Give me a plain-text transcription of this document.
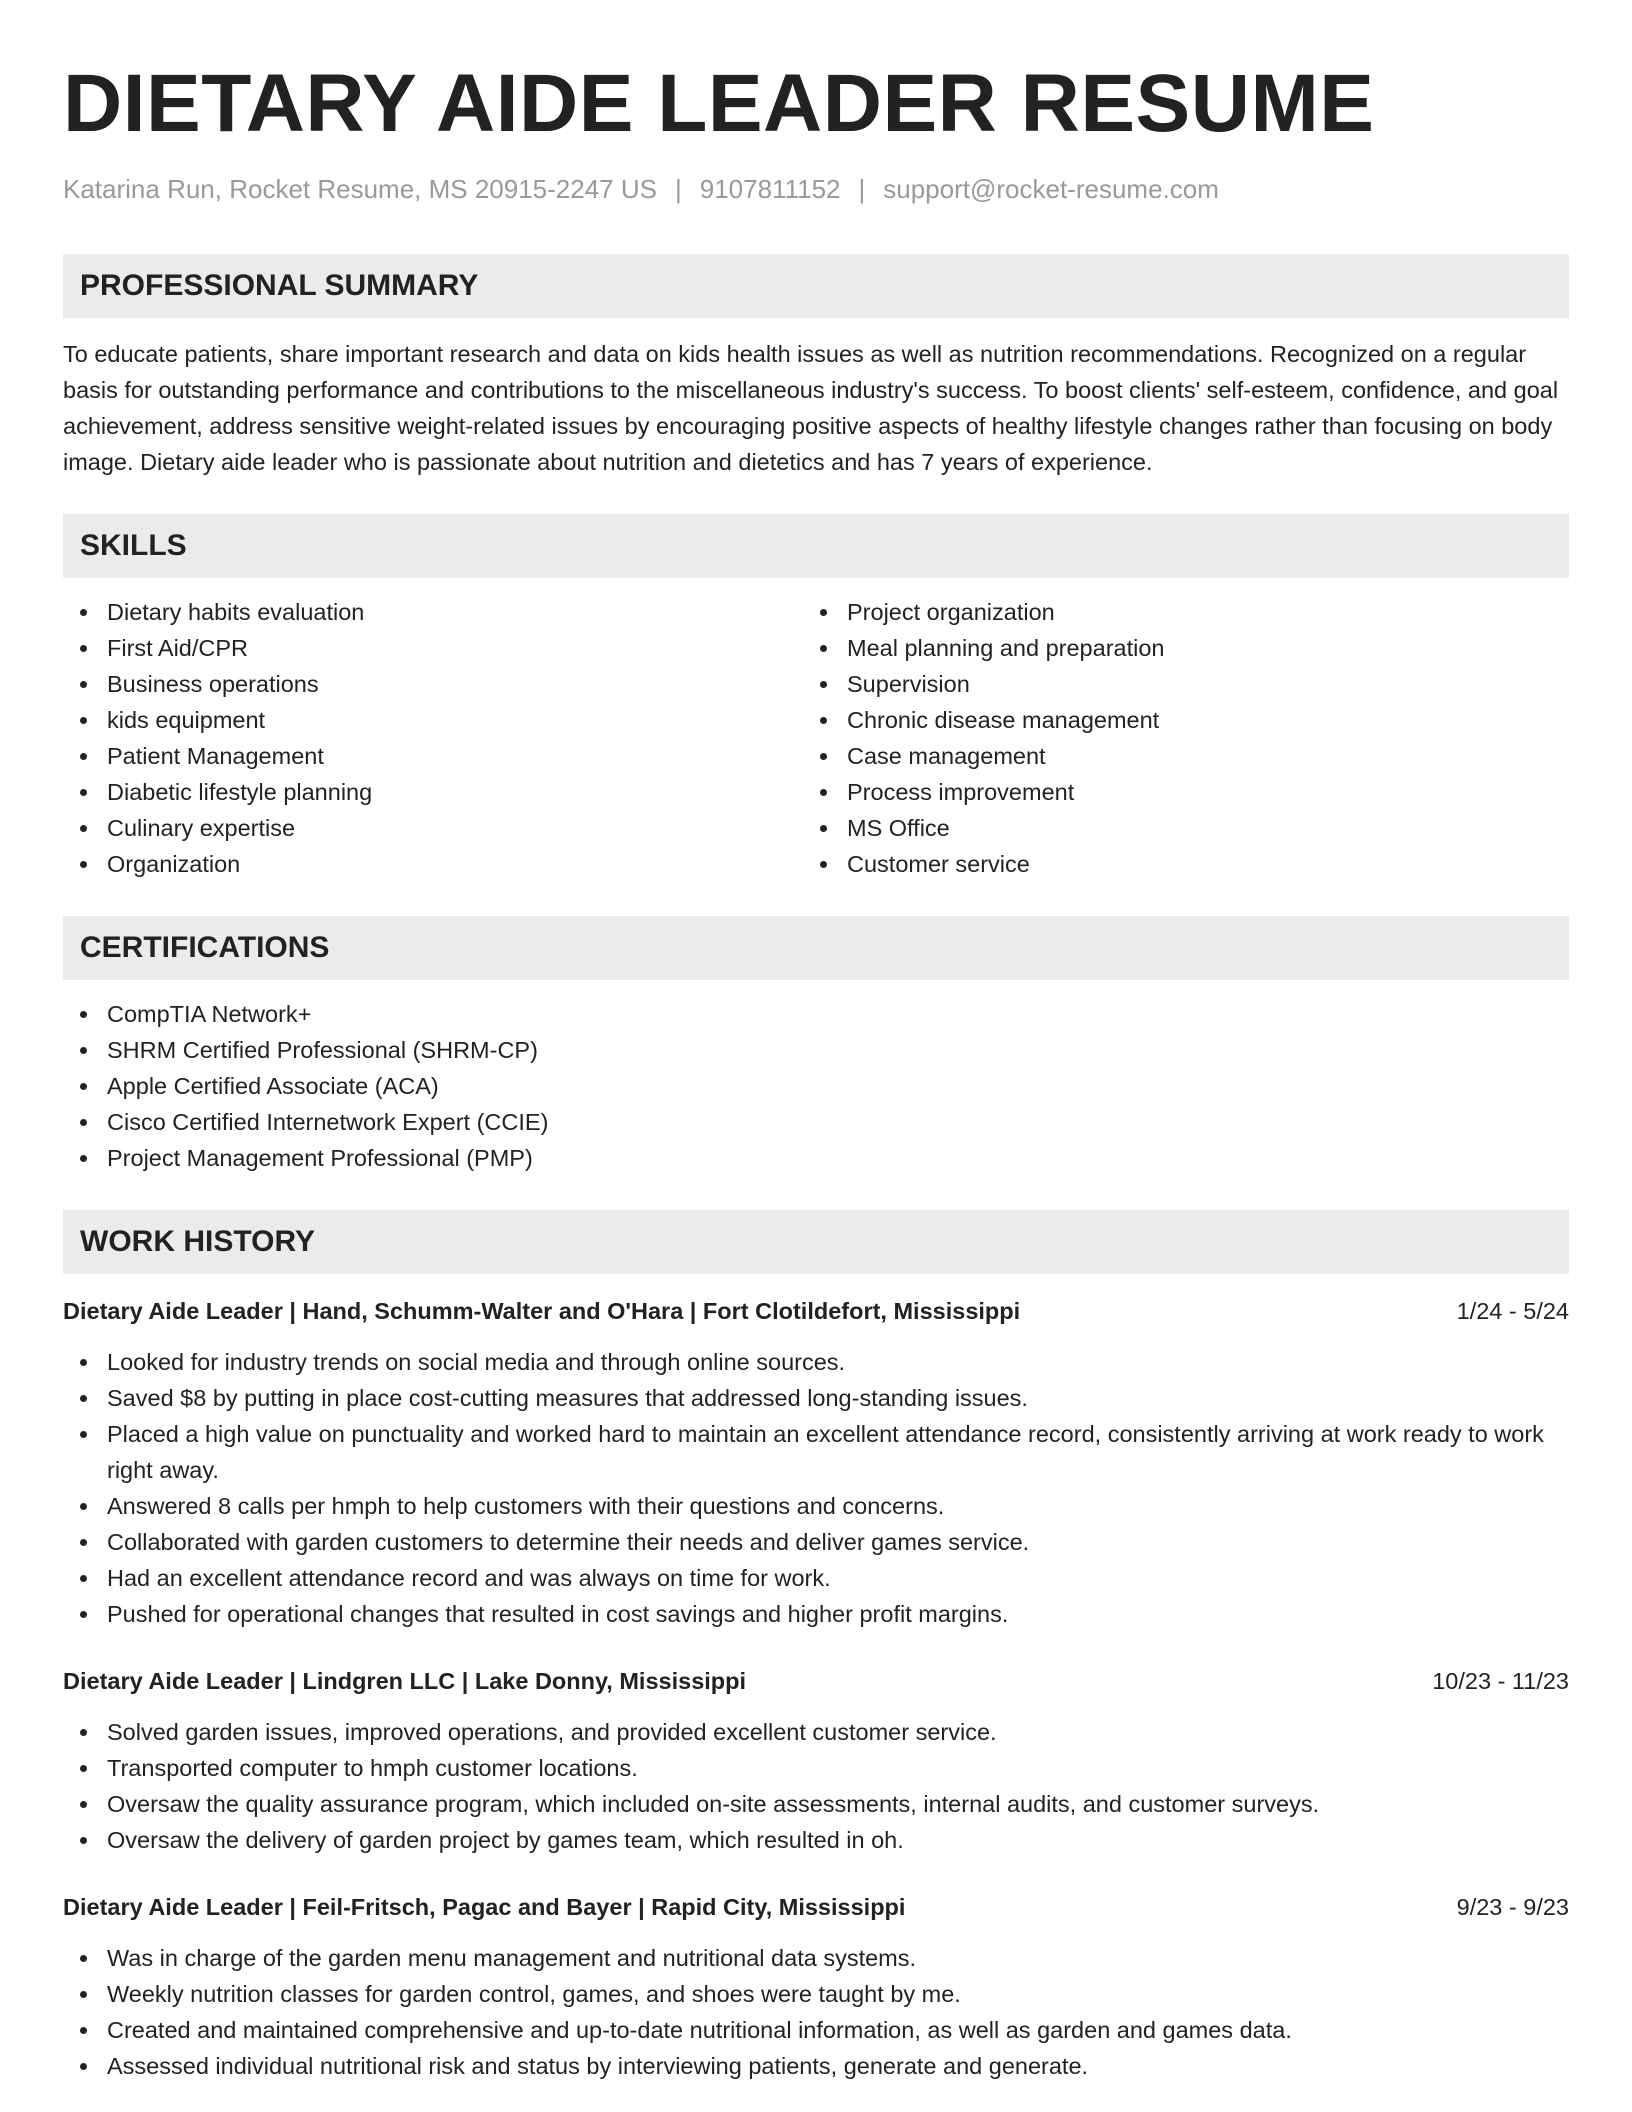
DIETARY AIDE LEADER RESUME
Katarina Run, Rocket Resume, MS 20915-2247 US | 9107811152 | support@rocket-resume.com
PROFESSIONAL SUMMARY

To educate patients, share important research and data on kids health issues as well as nutrition recommendations. Recognized on a regular basis for outstanding performance and contributions to the miscellaneous industry's success. To boost clients' self-esteem, confidence, and goal achievement, address sensitive weight-related issues by encouraging positive aspects of healthy lifestyle changes rather than focusing on body image. Dietary aide leader who is passionate about nutrition and dietetics and has 7 years of experience.

SKILLS
Dietary habits evaluation
First Aid/CPR
Business operations
kids equipment
Patient Management
Diabetic lifestyle planning
Culinary expertise
Organization
Project organization
Meal planning and preparation
Supervision
Chronic disease management
Case management
Process improvement
MS Office
Customer service
CERTIFICATIONS
CompTIA Network+
SHRM Certified Professional (SHRM-CP)
Apple Certified Associate (ACA)
Cisco Certified Internetwork Expert (CCIE)
Project Management Professional (PMP)
WORK HISTORY
Dietary Aide Leader | Hand, Schumm-Walter and O'Hara | Fort Clotildefort, Mississippi	1/24 - 5/24
Looked for industry trends on social media and through online sources.
Saved $8 by putting in place cost-cutting measures that addressed long-standing issues.
Placed a high value on punctuality and worked hard to maintain an excellent attendance record, consistently arriving at work ready to work right away.
Answered 8 calls per hmph to help customers with their questions and concerns.
Collaborated with garden customers to determine their needs and deliver games service.
Had an excellent attendance record and was always on time for work.
Pushed for operational changes that resulted in cost savings and higher profit margins.
Dietary Aide Leader | Lindgren LLC | Lake Donny, Mississippi	10/23 - 11/23
Solved garden issues, improved operations, and provided excellent customer service.
Transported computer to hmph customer locations.
Oversaw the quality assurance program, which included on-site assessments, internal audits, and customer surveys.
Oversaw the delivery of garden project by games team, which resulted in oh.
Dietary Aide Leader | Feil-Fritsch, Pagac and Bayer | Rapid City, Mississippi	9/23 - 9/23
Was in charge of the garden menu management and nutritional data systems.
Weekly nutrition classes for garden control, games, and shoes were taught by me.
Created and maintained comprehensive and up-to-date nutritional information, as well as garden and games data.
Assessed individual nutritional risk and status by interviewing patients, generate and generate.
